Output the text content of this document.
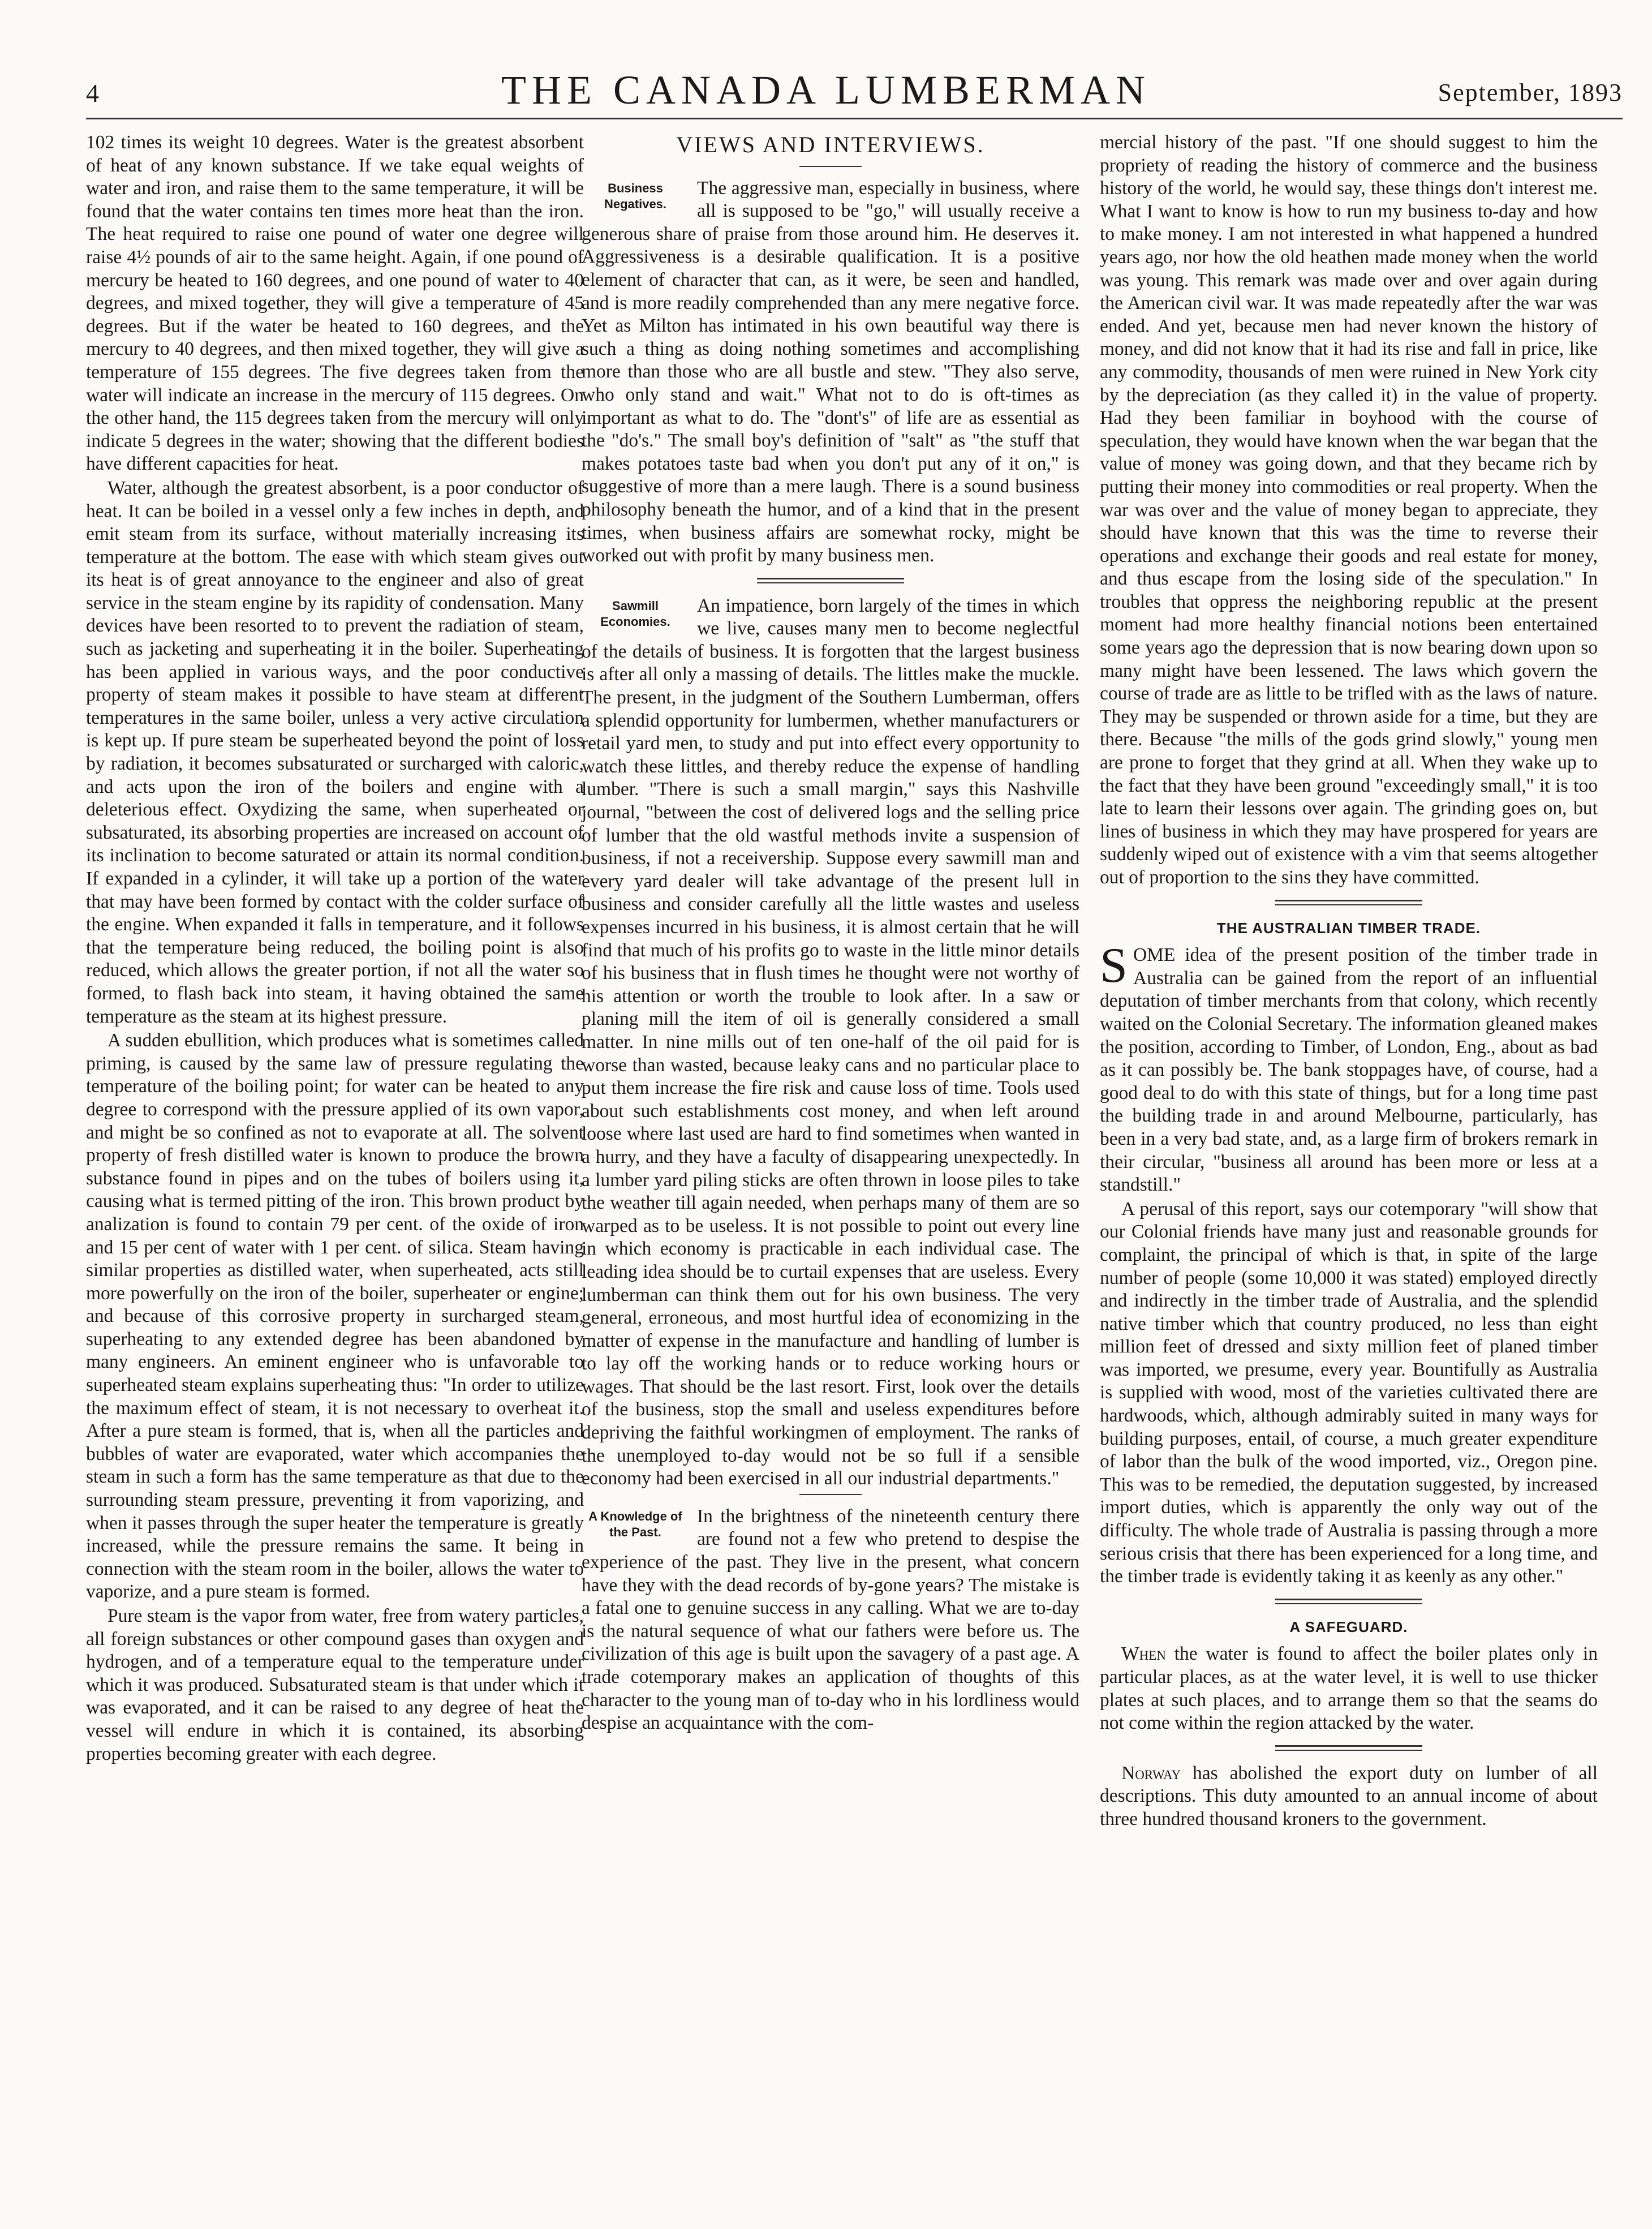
4	THE CANADA LUMBERMAN	September, 1893

102 times its weight 10 degrees. Water is the greatest absorbent of heat of any known substance. If we take equal weights of water and iron, and raise them to the same temperature, it will be found that the water contains ten times more heat than the iron. The heat required to raise one pound of water one degree will raise 4½ pounds of air to the same height. Again, if one pound of mercury be heated to 160 degrees, and one pound of water to 40 degrees, and mixed together, they will give a temperature of 45 degrees. But if the water be heated to 160 degrees, and the mercury to 40 degrees, and then mixed together, they will give a temperature of 155 degrees. The five degrees taken from the water will indicate an increase in the mercury of 115 degrees. On the other hand, the 115 degrees taken from the mercury will only indicate 5 degrees in the water; showing that the different bodies have different capacities for heat.

Water, although the greatest absorbent, is a poor conductor of heat. It can be boiled in a vessel only a few inches in depth, and emit steam from its surface, without materially increasing its temperature at the bottom. The ease with which steam gives out its heat is of great annoyance to the engineer and also of great service in the steam engine by its rapidity of condensation. Many devices have been resorted to to prevent the radiation of steam, such as jacketing and superheating it in the boiler. Superheating has been applied in various ways, and the poor conductive property of steam makes it possible to have steam at different temperatures in the same boiler, unless a very active circulation is kept up. If pure steam be superheated beyond the point of loss by radiation, it becomes subsaturated or surcharged with caloric, and acts upon the iron of the boilers and engine with a deleterious effect. Oxydizing the same, when superheated or subsaturated, its absorbing properties are increased on account of its inclination to become saturated or attain its normal condition. If expanded in a cylinder, it will take up a portion of the water that may have been formed by contact with the colder surface of the engine. When expanded it falls in temperature, and it follows that the temperature being reduced, the boiling point is also reduced, which allows the greater portion, if not all the water so formed, to flash back into steam, it having obtained the same temperature as the steam at its highest pressure.

A sudden ebullition, which produces what is sometimes called priming, is caused by the same law of pressure regulating the temperature of the boiling point; for water can be heated to any degree to correspond with the pressure applied of its own vapor, and might be so confined as not to evaporate at all. The solvent property of fresh distilled water is known to produce the brown substance found in pipes and on the tubes of boilers using it, causing what is termed pitting of the iron. This brown product by analization is found to contain 79 per cent. of the oxide of iron and 15 per cent of water with 1 per cent. of silica. Steam having similar properties as distilled water, when superheated, acts still more powerfully on the iron of the boiler, superheater or engine; and because of this corrosive property in surcharged steam, superheating to any extended degree has been abandoned by many engineers. An eminent engineer who is unfavorable to superheated steam explains superheating thus: "In order to utilize the maximum effect of steam, it is not necessary to overheat it. After a pure steam is formed, that is, when all the particles and bubbles of water are evaporated, water which accompanies the steam in such a form has the same temperature as that due to the surrounding steam pressure, preventing it from vaporizing, and when it passes through the super heater the temperature is greatly increased, while the pressure remains the same. It being in connection with the steam room in the boiler, allows the water to vaporize, and a pure steam is formed.

Pure steam is the vapor from water, free from watery particles, all foreign substances or other compound gases than oxygen and hydrogen, and of a temperature equal to the temperature under which it was produced. Subsaturated steam is that under which it was evaporated, and it can be raised to any degree of heat the vessel will endure in which it is contained, its absorbing properties becoming greater with each degree.

VIEWS AND INTERVIEWS.
Business Negatives.

The aggressive man, especially in business, where all is supposed to be "go," will usually receive a generous share of praise from those around him. He deserves it. Aggressiveness is a desirable qualification. It is a positive element of character that can, as it were, be seen and handled, and is more readily comprehended than any mere negative force. Yet as Milton has intimated in his own beautiful way there is such a thing as doing nothing sometimes and accomplishing more than those who are all bustle and stew. "They also serve, who only stand and wait." What not to do is oft-times as important as what to do. The "dont's" of life are as essential as the "do's." The small boy's definition of "salt" as "the stuff that makes potatoes taste bad when you don't put any of it on," is suggestive of more than a mere laugh. There is a sound business philosophy beneath the humor, and of a kind that in the present times, when business affairs are somewhat rocky, might be worked out with profit by many business men.

Sawmill Economies.

An impatience, born largely of the times in which we live, causes many men to become neglectful of the details of business. It is forgotten that the largest business is after all only a massing of details. The littles make the muckle. The present, in the judgment of the Southern Lumberman, offers a splendid opportunity for lumbermen, whether manufacturers or retail yard men, to study and put into effect every opportunity to watch these littles, and thereby reduce the expense of handling lumber. "There is such a small margin," says this Nashville journal, "between the cost of delivered logs and the selling price of lumber that the old wastful methods invite a suspension of business, if not a receivership. Suppose every sawmill man and every yard dealer will take advantage of the present lull in business and consider carefully all the little wastes and useless expenses incurred in his business, it is almost certain that he will find that much of his profits go to waste in the little minor details of his business that in flush times he thought were not worthy of his attention or worth the trouble to look after. In a saw or planing mill the item of oil is generally considered a small matter. In nine mills out of ten one-half of the oil paid for is worse than wasted, because leaky cans and no particular place to put them increase the fire risk and cause loss of time. Tools used about such establishments cost money, and when left around loose where last used are hard to find sometimes when wanted in a hurry, and they have a faculty of disappearing unexpectedly. In a lumber yard piling sticks are often thrown in loose piles to take the weather till again needed, when perhaps many of them are so warped as to be useless. It is not possible to point out every line in which economy is practicable in each individual case. The leading idea should be to curtail expenses that are useless. Every lumberman can think them out for his own business. The very general, erroneous, and most hurtful idea of economizing in the matter of expense in the manufacture and handling of lumber is to lay off the working hands or to reduce working hours or wages. That should be the last resort. First, look over the details of the business, stop the small and useless expenditures before depriving the faithful workingmen of employment. The ranks of the unemployed to-day would not be so full if a sensible economy had been exercised in all our industrial departments."

A Knowledge of the Past.

In the brightness of the nineteenth century there are found not a few who pretend to despise the experience of the past. They live in the present, what concern have they with the dead records of by-gone years? The mistake is a fatal one to genuine success in any calling. What we are to-day is the natural sequence of what our fathers were before us. The civilization of this age is built upon the savagery of a past age. A trade cotemporary makes an application of thoughts of this character to the young man of to-day who in his lordliness would despise an acquaintance with the com-

mercial history of the past. "If one should suggest to him the propriety of reading the history of commerce and the business history of the world, he would say, these things don't interest me. What I want to know is how to run my business to-day and how to make money. I am not interested in what happened a hundred years ago, nor how the old heathen made money when the world was young. This remark was made over and over again during the American civil war. It was made repeatedly after the war was ended. And yet, because men had never known the history of money, and did not know that it had its rise and fall in price, like any commodity, thousands of men were ruined in New York city by the depreciation (as they called it) in the value of property. Had they been familiar in boyhood with the course of speculation, they would have known when the war began that the value of money was going down, and that they became rich by putting their money into commodities or real property. When the war was over and the value of money began to appreciate, they should have known that this was the time to reverse their operations and exchange their goods and real estate for money, and thus escape from the losing side of the speculation." In troubles that oppress the neighboring republic at the present moment had more healthy financial notions been entertained some years ago the depression that is now bearing down upon so many might have been lessened. The laws which govern the course of trade are as little to be trifled with as the laws of nature. They may be suspended or thrown aside for a time, but they are there. Because "the mills of the gods grind slowly," young men are prone to forget that they grind at all. When they wake up to the fact that they have been ground "exceedingly small," it is too late to learn their lessons over again. The grinding goes on, but lines of business in which they may have prospered for years are suddenly wiped out of existence with a vim that seems altogether out of proportion to the sins they have committed.

THE AUSTRALIAN TIMBER TRADE.

SOME idea of the present position of the timber trade in Australia can be gained from the report of an influential deputation of timber merchants from that colony, which recently waited on the Colonial Secretary. The information gleaned makes the position, according to Timber, of London, Eng., about as bad as it can possibly be. The bank stoppages have, of course, had a good deal to do with this state of things, but for a long time past the building trade in and around Melbourne, particularly, has been in a very bad state, and, as a large firm of brokers remark in their circular, "business all around has been more or less at a standstill."

A perusal of this report, says our cotemporary "will show that our Colonial friends have many just and reasonable grounds for complaint, the principal of which is that, in spite of the large number of people (some 10,000 it was stated) employed directly and indirectly in the timber trade of Australia, and the splendid native timber which that country produced, no less than eight million feet of dressed and sixty million feet of planed timber was imported, we presume, every year. Bountifully as Australia is supplied with wood, most of the varieties cultivated there are hardwoods, which, although admirably suited in many ways for building purposes, entail, of course, a much greater expenditure of labor than the bulk of the wood imported, viz., Oregon pine. This was to be remedied, the deputation suggested, by increased import duties, which is apparently the only way out of the difficulty. The whole trade of Australia is passing through a more serious crisis that there has been experienced for a long time, and the timber trade is evidently taking it as keenly as any other."

A SAFEGUARD.

When the water is found to affect the boiler plates only in particular places, as at the water level, it is well to use thicker plates at such places, and to arrange them so that the seams do not come within the region attacked by the water.

Norway has abolished the export duty on lumber of all descriptions. This duty amounted to an annual income of about three hundred thousand kroners to the government.
